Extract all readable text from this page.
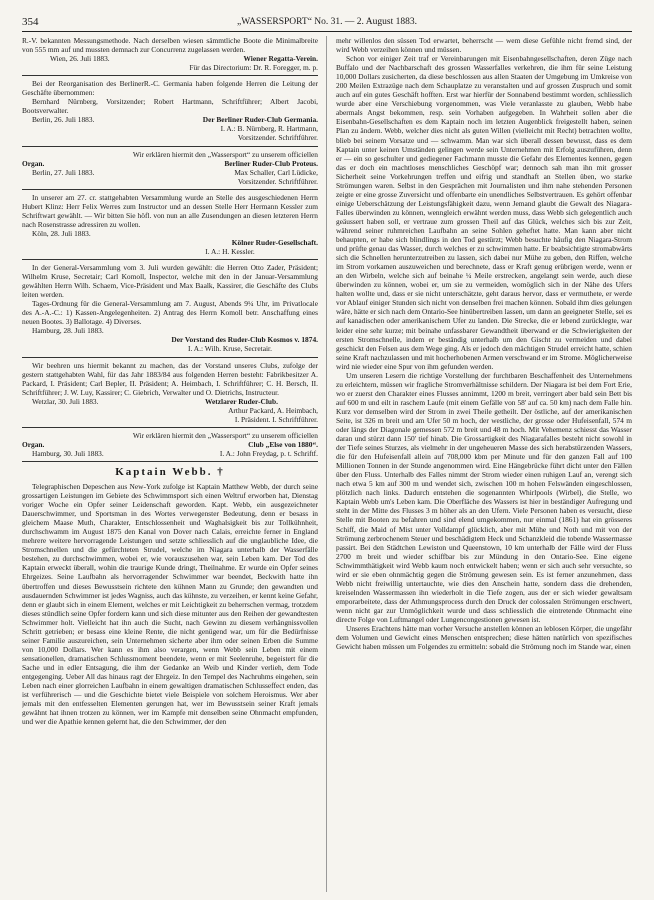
354	„WASSERSPORT“ No. 31. — 2. August 1883.

R.-V. bekannten Messungsmethode. Nach derselben wiesen sämmtliche Boote die Minimalbreite von 555 mm auf und mussten demnach zur Concurrenz zugelassen werden.

Wien, 26. Juli 1883.	Wiener Regatta-Verein.

Für das Directorium: Dr. R. Foregger, m. p.

Bei der Reorganisation des BerlinerR.-C. Germania haben folgende Herren die Leitung der Geschäfte übernommen:

Bernhard Nürnberg, Vorsitzender; Robert Hartmann, Schriftführer; Albert Jacobi, Bootsverwalter.

Berlin, 26. Juli 1883.	Der Berliner Ruder-Club Germania.

I. A.: B. Nürnberg, R. Hartmann,

Vorsitzender. Schriftführer.

Wir erklären hiermit den „Wassersport“ zu unserem officiellen

Organ.	Berliner Ruder-Club Proteus.
Berlin, 27. Juli 1883.	Max Schaller, Carl Lüdicke,

Vorsitzender. Schriftführer.

In unserer am 27. cr. stattgehabten Versammlung wurde an Stelle des ausgeschiedenen Herrn Hubert Klinz: Herr Felix Werres zum Instructor und an dessen Stelle Herr Hermann Kessler zum Schriftwart gewählt. — Wir bitten Sie höfl. von nun an alle Zusendungen an diesen letzteren Herrn nach Rosenstrasse adressiren zu wollen.

Köln, 28. Juli 1883.

Kölner Ruder-Gesellschaft.

I. A.: H. Kessler.

In der General-Versammlung vom 3. Juli wurden gewählt: die Herren Otto Zader, Präsident; Wilhelm Kruse, Secretair; Carl Komoll, Inspector, welche mit den in der Januar-Versammlung gewählten Herrn Wilh. Schaem, Vice-Präsident und Max Baalk, Kassirer, die Geschäfte des Clubs leiten werden.

Tages-Ordnung für die General-Versammlung am 7. August, Abends 9¼ Uhr, im Privatlocale des A.-A.-C.: 1) Kassen-Angelegenheiten. 2) Antrag des Herrn Komoll betr. Anschaffung eines neuen Bootes. 3) Ballotage. 4) Diverses.

Hamburg, 28. Juli 1883.

Der Vorstand des Ruder-Club Kosmos v. 1874.

I. A.: Wilh. Kruse, Secretair.

Wir beehren uns hiermit bekannt zu machen, das der Vorstand unseres Clubs, zufolge der gestern stattgehabten Wahl, für das Jahr 1883/84 aus folgenden Herren besteht: Fabrikbesitzer A. Packard, I. Präsident; Carl Bepler, II. Präsident; A. Heimbach, I. Schriftführer; C. H. Bersch, II. Schriftführer; J. W. Luy, Kassirer; C. Giebrich, Verwalter und O. Dietrichs, Instructeur.

Wetzlar, 30. Juli 1883.	Wetzlarer Ruder-Club.

Arthur Packard, A. Heimbach,

I. Präsident. I. Schriftführer.

Wir erklären hiermit den „Wassersport“ zu unserem officiellen

Organ.	Club „Else von 1880“.
Hamburg, 30. Juli 1883.	I. A.: John Freydag, p. t. Schriftf.
Kaptain Webb. †

Telegraphischen Depeschen aus New-York zufolge ist Kaptain Matthew Webb, der durch seine grossartigen Leistungen im Gebiete des Schwimmsport sich einen Weltruf erworben hat, Dienstag voriger Woche ein Opfer seiner Leidenschaft geworden. Kapt. Webb, ein ausgezeichneter Dauerschwimmer, und Sportsman in des Wortes verwegenster Bedeutung, denn er besass in gleichem Maase Muth, Charakter, Entschlossenheit und Waghalsigkeit bis zur Tollkühnheit, durchschwamm im August 1875 den Kanal von Dover nach Calais, erreichte ferner in England mehrere weitere hervorragende Leistungen und setzte schliesslich auf die unglaubliche Idee, die Stromschnellen und die gefürchteten Strudel, welche im Niagara unterhalb der Wasserfälle bestehen, zu durchschwimmen, wobei er, wie vorauszusehen war, sein Leben kam. Der Tod des Kaptain erweckt überall, wohin die traurige Kunde dringt, Theilnahme. Er wurde ein Opfer seines Ehrgeizes. Seine Laufbahn als hervorragender Schwimmer war beendet, Beckwith hatte ihn übertroffen und dieses Bewusstsein richtete den kühnen Mann zu Grunde; den gewandten und ausdauernden Schwimmer ist jedes Wagniss, auch das kühnste, zu verzeihen, er kennt keine Gefahr, denn er glaubt sich in einem Element, welches er mit Leichtigkeit zu beherrschen vermag, trotzdem dieses stündlich seine Opfer fordern kann und sich diese mitunter aus den Reihen der gewandtesten Schwimmer holt. Vielleicht hat ihn auch die Sucht, nach Gewinn zu diesem verhängnissvollen Schritt getrieben; er besass eine kleine Rente, die nicht genügend war, um für die Bedürfnisse seiner Familie auszureichen, sein Unternehmen sicherte aber ihm oder seinen Erben die Summe von 10,000 Dollars. Wer kann es ihm also verargen, wenn Webb sein Leben mit einem sensationellen, dramatischen Schlussmoment beendete, wenn er mit Seelenruhe, begeistert für die Sache und in edler Entsagung, die ihm der Gedanke an Weib und Kinder verlieh, dem Tode entgegenging. Ueber All das hinaus ragt der Ehrgeiz. In den Tempel des Nachruhms eingehen, sein Leben nach einer glorreichen Laufbahn in einem gewaltigen dramatischen Schlusseffect enden, das ist verführerisch — und die Geschichte bietet viele Beispiele von solchem Heroismus. Wer aber jemals mit den entfesselten Elementen gerungen hat, wer im Bewusstsein seiner Kraft jemals gewähnt hat ihnen trotzen zu können, wer im Kampfe mit denselben seine Ohnmacht empfunden, und wer die Apathie kennen gelernt hat, die den Schwimmer, der den

mehr willenlos den süssen Tod erwartet, beherrscht — wem diese Gefühle nicht fremd sind, der wird Webb verzeihen können und müssen.

Schon vor einiger Zeit traf er Vereinbarungen mit Eisenbahngesellschaften, deren Züge nach Buffalo und der Nachbarschaft des grossen Wasserfalles verkehren, die ihm für seine Leistung 10,000 Dollars zusicherten, da diese beschlossen aus allen Staaten der Umgebung im Umkreise von 200 Meilen Extrazüge nach dem Schauplatze zu veranstalten und auf grossen Zuspruch und somit auch auf ein gutes Geschäft hofften. Erst war hierfür der Sonnabend bestimmt worden, schliesslich wurde aber eine Verschiebung vorgenommen, was Viele veranlasste zu glauben, Webb habe abermals Angst bekommen, resp. sein Vorhaben aufgegeben. In Wahrheit sollen aber die Eisenbahn-Gesellschaften es dem Kaptain noch im letzten Augenblick freigestellt haben, seinen Plan zu ändern. Webb, welcher dies nicht als guten Willen (vielleicht mit Recht) betrachten wollte, blieb bei seinem Vorsatze und — schwamm. Man war sich überall dessen bewusst, dass es dem Kaptain unter keinen Umständen gelingen werde sein Unternehmen mit Erfolg auszuführen, denn er — ein so geschulter und gediegener Fachmann musste die Gefahr des Elementes kennen, gegen das er doch ein machtloses menschliches Geschöpf war; dennoch sah man ihn mit grosser Sicherheit seine Vorkehrungen treffen und eifrig und standhaft an Stellen üben, wo starke Strömungen waren. Selbst in den Gesprächen mit Journalisten und ihm nahe stehenden Personen zeigte er eine grosse Zuversicht und offenbarte ein unendliches Selbstvertrauen. Es gehört offenbar einige Ueberschätzung der Leistungsfähigkeit dazu, wenn Jemand glaubt die Gewalt des Niagara-Falles überwinden zu können, wenngleich erwähnt werden muss, dass Webb sich gelegentlich auch geäussert haben soll, er vertraue zum grossen Theil auf das Glück, welches sich bis zur Zeit, während seiner ruhmreichen Laufbahn an seine Sohlen geheftet hatte. Man kann aber nicht behaupten, er habe sich blindlings in den Tod gestürzt; Webb besuchte häufig den Niagara-Strom und prüfte genau das Wasser, durch welches er zu schwimmen hatte. Er beabsichtigte stromabwärts sich die Schnellen herunterzutreiben zu lassen, sich dabei nur Mühe zu geben, den Riffen, welche im Strom vorkamen auszuweichen und berechnete, dass er Kraft genug erübrigen werde, wenn er an den Wirbeln, welche sich auf beinahe ¼ Meile erstrecken, angelangt sein werde, auch diese überwinden zu können, wobei er, um sie zu vermeiden, womöglich sich in der Nähe des Ufers halten wollte und, dass er sie nicht unterschätzte, geht daraus hervor, dass er vermuthete, er werde vor Ablauf einiger Stunden sich nicht von denselben frei machen können. Sobald ihm dies gelungen wäre, hätte er sich nach dem Ontario-See hinübertreiben lassen, um dann an geeigneter Stelle, sei es auf kanadischen oder amerikanischem Ufer zu landen. Die Strecke, die er lebend zurücklegte, war leider eine sehr kurze; mit beinahe unfassbarer Gewandtheit überwand er die Schwierigkeiten der ersten Stromschnelle, indem er beständig unterhalb um den Gischt zu vermeiden und dabei geschickt den Felsen aus dem Wege ging. Als er jedoch den mächtigen Strudel erreicht hatte, schien seine Kraft nachzulassen und mit hocherhobenen Armen verschwand er im Strome. Möglicherweise wird nie wieder eine Spur von ihm gefunden werden.

Um unseren Lesern die richtige Vorstellung der furchtbaren Beschaffenheit des Unternehmens zu erleichtern, müssen wir fragliche Stromverhältnisse schildern. Der Niagara ist bei dem Fort Erie, wo er zuerst den Charakter eines Flusses annimmt, 1200 m breit, verringert aber bald sein Bett bis auf 600 m und eilt in raschem Laufe (mit einem Gefälle von 58' auf ca. 50 km) nach dem Falle hin. Kurz vor demselben wird der Strom in zwei Theile getheilt. Der östliche, auf der amerikanischen Seite, ist 326 m breit und am Ufer 50 m hoch, der westliche, der grosse oder Hufeisenfall, 574 m oder längs der Diagonale gemessen 572 m breit und 48 m hoch. Mit Vehemenz schiesst das Wasser daran und stürzt dann 150' tief hinab. Die Grossartigkeit des Niagarafalles besteht nicht sowohl in der Tiefe seines Sturzes, als vielmehr in der ungeheueren Masse des sich herabstürzenden Wassers, die für den Hufeisenfall allein auf 708,000 kbm per Minute und für den ganzen Fall auf 100 Millionen Tonnen in der Stunde angenommen wird. Eine Hängebrücke führt dicht unter den Fällen über den Fluss. Unterhalb des Falles nimmt der Strom wieder einen ruhigen Lauf an, verengt sich nach etwa 5 km auf 300 m und wendet sich, zwischen 100 m hohen Felswänden eingeschlossen, plötzlich nach links. Dadurch entstehen die sogenannten Whirlpools (Wirbel), die Stelle, wo Kaptain Webb um's Leben kam. Die Oberfläche des Wassers ist hier in beständiger Aufregung und steht in der Mitte des Flusses 3 m höher als an den Ufern. Viele Personen haben es versucht, diese Stelle mit Booten zu befahren und sind elend umgekommen, nur einmal (1861) hat ein grösseres Schiff, die Maid of Mist unter Volldampf glücklich, aber mit Mühe und Noth und mit von der Strömung zerbrochenem Steuer und beschädigtem Heck und Schanzkleid die tobende Wassermasse passirt. Bei den Städtchen Lewiston und Queenstown, 10 km unterhalb der Fälle wird der Fluss 2700 m breit und wieder schiffbar bis zur Mündung in den Ontario-See. Eine eigene Schwimmthätigkeit wird Webb kaum noch entwickelt haben; wenn er sich auch sehr versuchte, so wird er sie eben ohnmächtig gegen die Strömung gewesen sein. Es ist ferner anzunehmen, dass Webb nicht freiwillig untertauchte, wie dies den Anschein hatte, sondern dass die drehenden, kreiselnden Wassermassen ihn wiederholt in die Tiefe zogen, aus der er sich wieder gewaltsam emporarbeitete, dass der Athmungsprocess durch den Druck der colossalen Strömungen erschwert, wenn nicht gar zur Unmöglichkeit wurde und dass schliesslich die eintretende Ohnmacht eine directe Folge von Luftmangel oder Lungencongestionen gewesen ist.

Unseres Erachtens hätte man vorher Versuche anstellen können an leblosen Körper, die ungefähr dem Volumen und Gewicht eines Menschen entsprechen; diese hätten natürlich von spezifisches Gewicht haben müssen um Folgendes zu ermitteln: sobald die Strömung noch im Stande war, einen
